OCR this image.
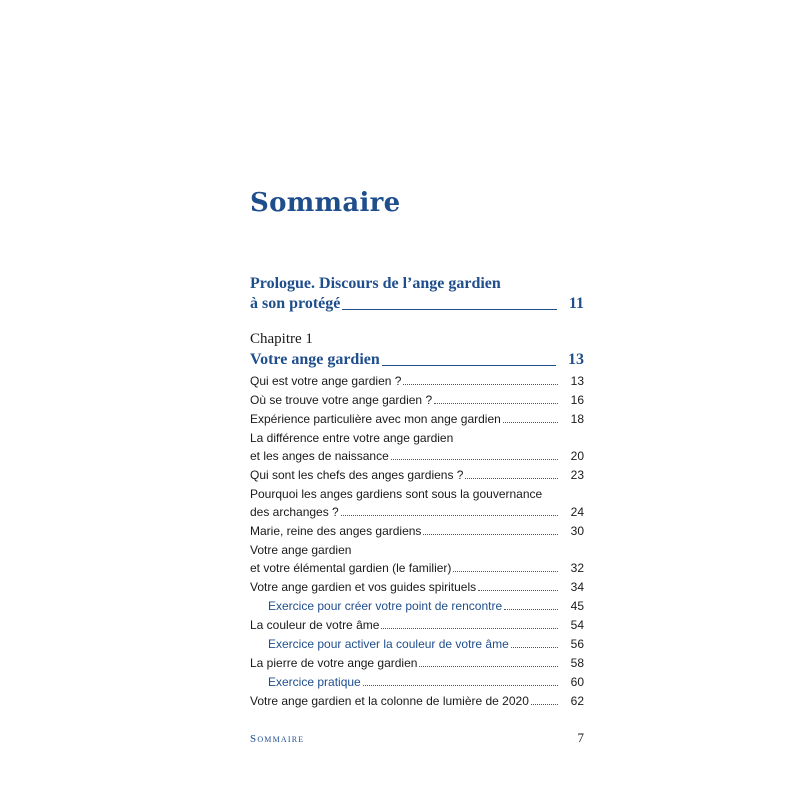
Sommaire
Prologue. Discours de l’ange gardien
à son protégé	11
Chapitre 1
Votre ange gardien	13
Qui est votre ange gardien ?	13
Où se trouve votre ange gardien ?	16
Expérience particulière avec mon ange gardien	18
La différence entre votre ange gardien
et les anges de naissance	20
Qui sont les chefs des anges gardiens ?	23
Pourquoi les anges gardiens sont sous la gouvernance
des archanges ?	24
Marie, reine des anges gardiens	30
Votre ange gardien
et votre élémental gardien (le familier)	32
Votre ange gardien et vos guides spirituels	34
Exercice pour créer votre point de rencontre	45
La couleur de votre âme	54
Exercice pour activer la couleur de votre âme	56
La pierre de votre ange gardien	58
Exercice pratique	60
Votre ange gardien et la colonne de lumière de 2020	62
Sommaire	7
